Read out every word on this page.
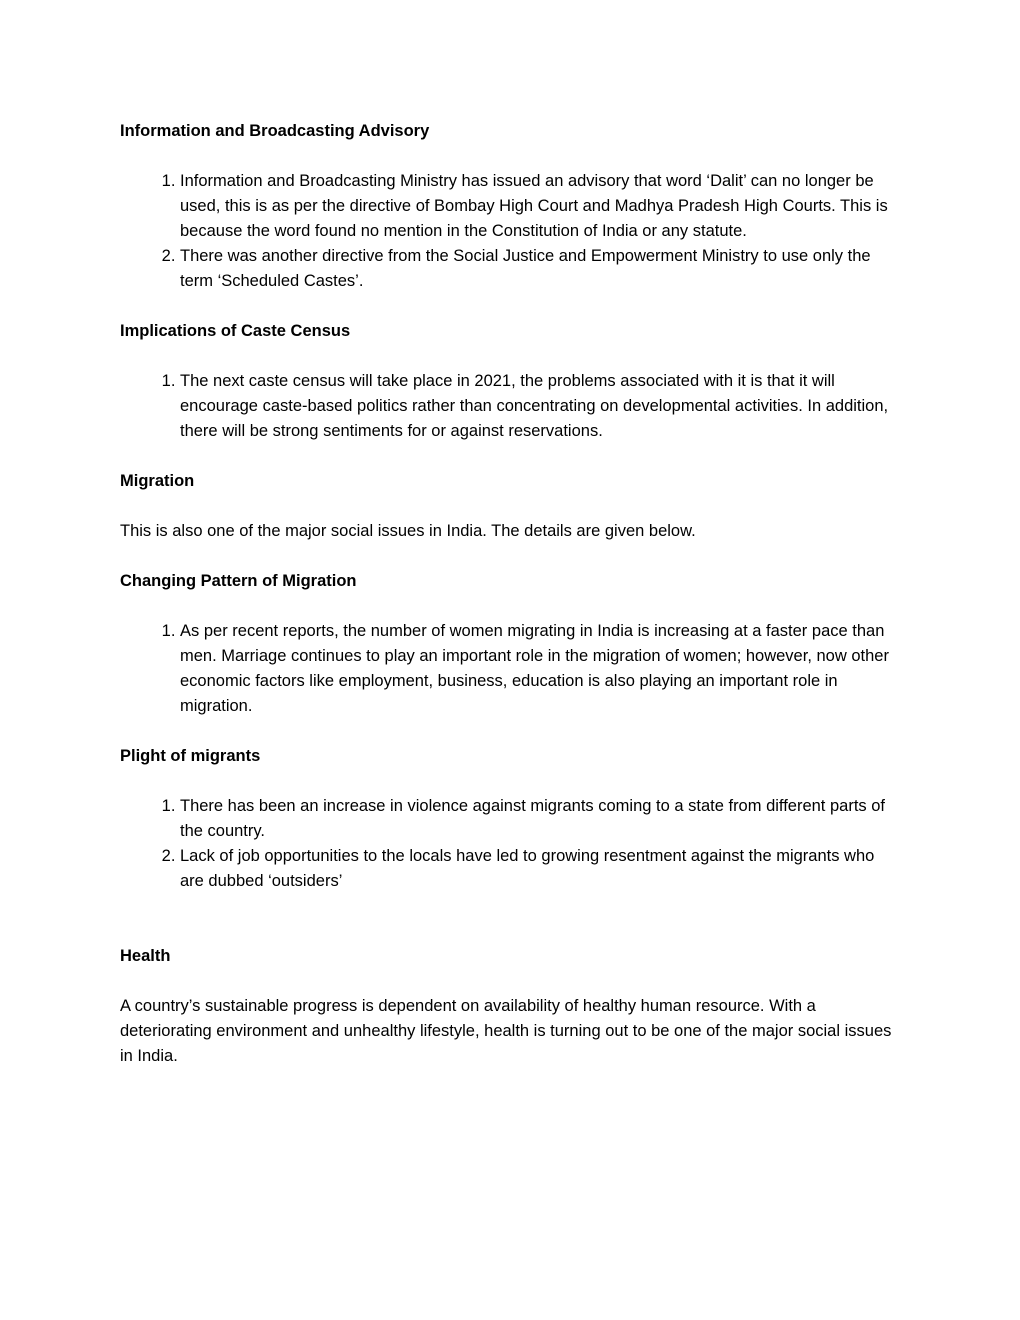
Information and Broadcasting Advisory
1. Information and Broadcasting Ministry has issued an advisory that word ‘Dalit’ can no longer be used, this is as per the directive of Bombay High Court and Madhya Pradesh High Courts. This is because the word found no mention in the Constitution of India or any statute.
2. There was another directive from the Social Justice and Empowerment Ministry to use only the term ‘Scheduled Castes’.
Implications of Caste Census
1. The next caste census will take place in 2021, the problems associated with it is that it will encourage caste-based politics rather than concentrating on developmental activities. In addition, there will be strong sentiments for or against reservations.
Migration

This is also one of the major social issues in India. The details are given below.

Changing Pattern of Migration
1. As per recent reports, the number of women migrating in India is increasing at a faster pace than men. Marriage continues to play an important role in the migration of women; however, now other economic factors like employment, business, education is also playing an important role in migration.
Plight of migrants
1. There has been an increase in violence against migrants coming to a state from different parts of the country.
2. Lack of job opportunities to the locals have led to growing resentment against the migrants who are dubbed ‘outsiders’
Health

A country’s sustainable progress is dependent on availability of healthy human resource. With a deteriorating environment and unhealthy lifestyle, health is turning out to be one of the major social issues in India.
